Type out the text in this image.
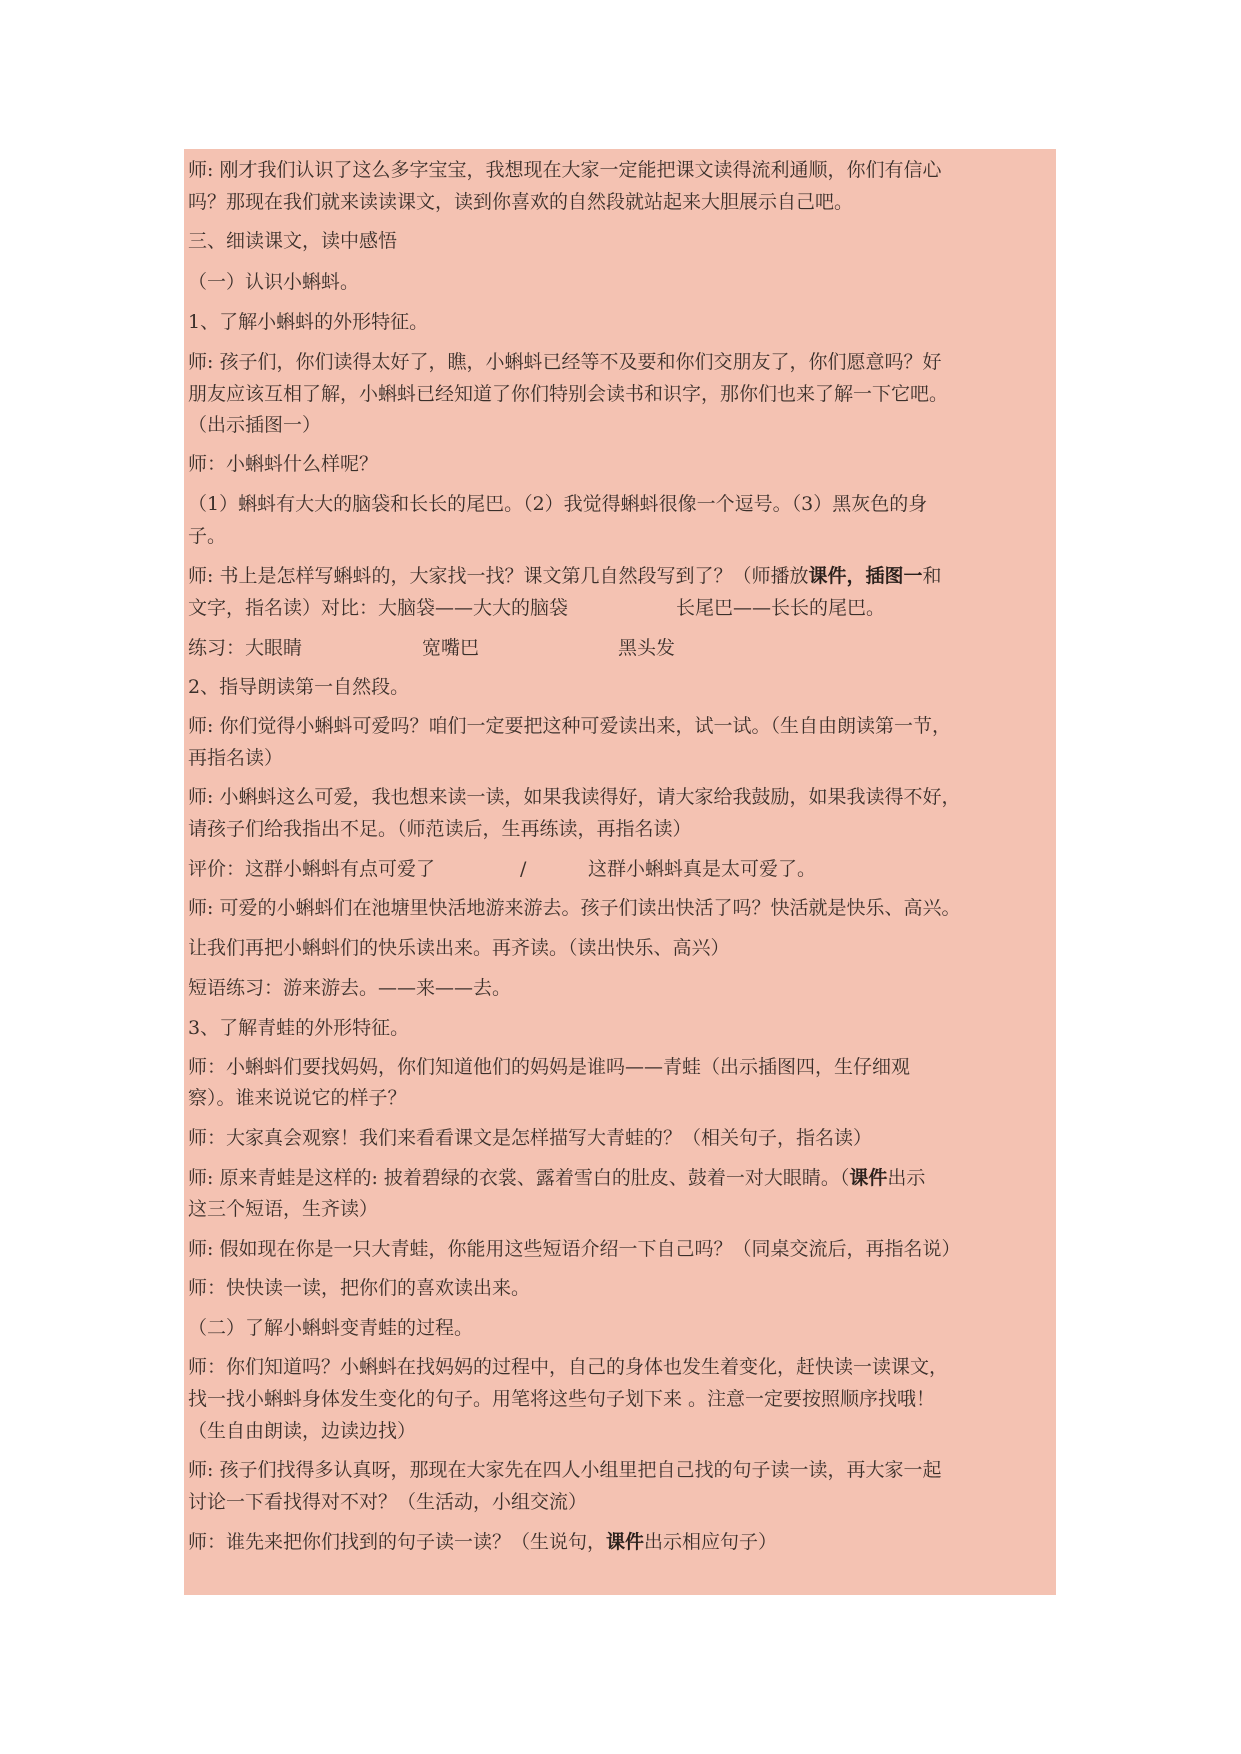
师: 刚才我们认识了这么多字宝宝，我想现在大家一定能把课文读得流利通顺，你们有信心
吗？那现在我们就来读读课文，读到你喜欢的自然段就站起来大胆展示自己吧。
三、细读课文，读中感悟
（一）认识小蝌蚪。
1、了解小蝌蚪的外形特征。
师: 孩子们，你们读得太好了，瞧，小蝌蚪已经等不及要和你们交朋友了，你们愿意吗？好
朋友应该互相了解，小蝌蚪已经知道了你们特别会读书和识字，那你们也来了解一下它吧。
（出示插图一）
师：小蝌蚪什么样呢？
（1）蝌蚪有大大的脑袋和长长的尾巴。（2）我觉得蝌蚪很像一个逗号。（3）黑灰色的身
子。
师: 书上是怎样写蝌蚪的，大家找一找？课文第几自然段写到了？（师播放课件，插图一和
文字，指名读）对比：大脑袋——大大的脑袋	长尾巴——长长的尾巴。
练习：大眼睛	宽嘴巴	黑头发
2、指导朗读第一自然段。
师: 你们觉得小蝌蚪可爱吗？咱们一定要把这种可爱读出来，试一试。（生自由朗读第一节，
再指名读）
师: 小蝌蚪这么可爱，我也想来读一读，如果我读得好，请大家给我鼓励，如果我读得不好，
请孩子们给我指出不足。（师范读后，生再练读，再指名读）
评价：这群小蝌蚪有点可爱了	/	这群小蝌蚪真是太可爱了。
师: 可爱的小蝌蚪们在池塘里快活地游来游去。孩子们读出快活了吗？快活就是快乐、高兴。
让我们再把小蝌蚪们的快乐读出来。再齐读。（读出快乐、高兴）
短语练习：游来游去。——来——去。
3、了解青蛙的外形特征。
师：小蝌蚪们要找妈妈，你们知道他们的妈妈是谁吗——青蛙（出示插图四，生仔细观
察）。谁来说说它的样子？
师：大家真会观察！我们来看看课文是怎样描写大青蛙的？（相关句子，指名读）
师: 原来青蛙是这样的: 披着碧绿的衣裳、露着雪白的肚皮、鼓着一对大眼睛。（课件出示
这三个短语，生齐读）
师: 假如现在你是一只大青蛙，你能用这些短语介绍一下自己吗？（同桌交流后，再指名说）
师：快快读一读，把你们的喜欢读出来。
（二）了解小蝌蚪变青蛙的过程。
师：你们知道吗？小蝌蚪在找妈妈的过程中，自己的身体也发生着变化，赶快读一读课文，
找一找小蝌蚪身体发生变化的句子。用笔将这些句子划下来 。注意一定要按照顺序找哦！
（生自由朗读，边读边找）
师: 孩子们找得多认真呀，那现在大家先在四人小组里把自己找的句子读一读，再大家一起
讨论一下看找得对不对？（生活动，小组交流）
师：谁先来把你们找到的句子读一读？（生说句，课件出示相应句子）
